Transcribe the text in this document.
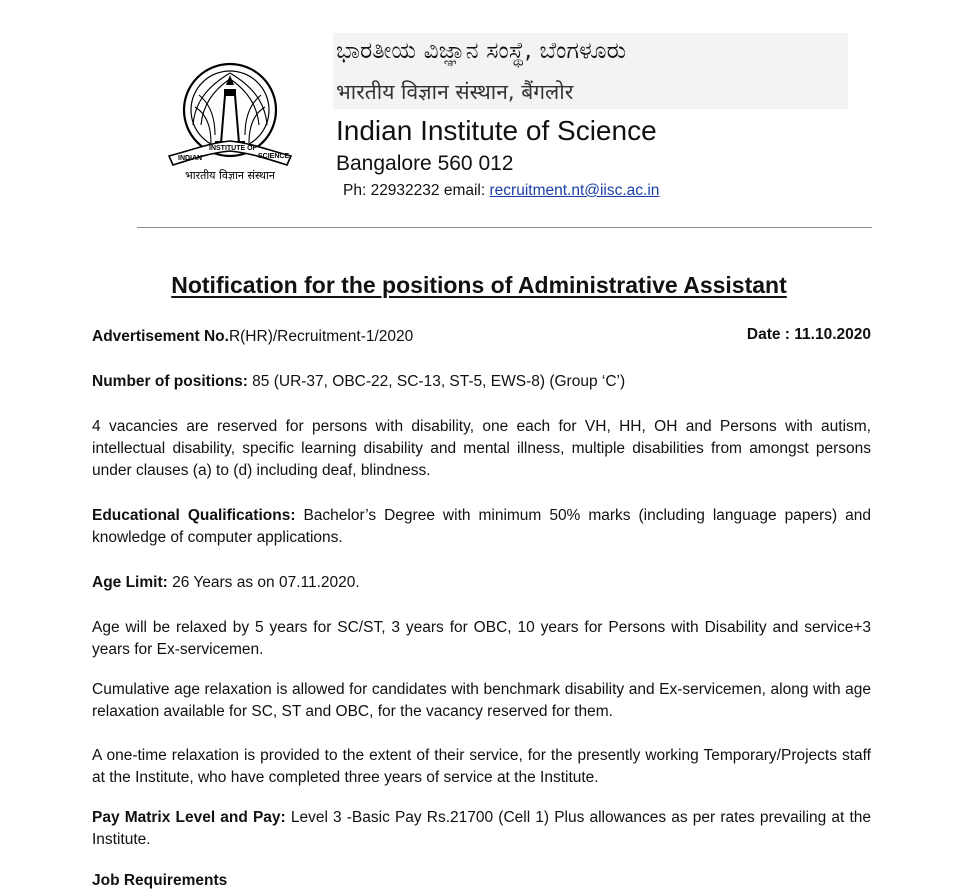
INDIAN
INSTITUTE OF
SCIENCE
भारतीय विज्ञान संस्थान
ಭಾರತೀಯ ವಿಜ್ಞಾನ ಸಂಸ್ಥೆ, ಬೆಂಗಳೂರು
भारतीय विज्ञान संस्थान, बैंगलोर
Indian Institute of Science
Bangalore 560 012
Ph: 22932232 email: recruitment.nt@iisc.ac.in
Notification for the positions of Administrative Assistant
Advertisement No.R(HR)/Recruitment-1/2020	Date : 11.10.2020
Number of positions: 85 (UR-37, OBC-22, SC-13, ST-5, EWS-8) (Group ‘C’)
4 vacancies are reserved for persons with disability, one each for VH, HH, OH and Persons with autism, intellectual disability, specific learning disability and mental illness, multiple disabilities from amongst persons under clauses (a) to (d) including deaf, blindness.
Educational Qualifications: Bachelor’s Degree with minimum 50% marks (including language papers) and knowledge of computer applications.
Age Limit: 26 Years as on 07.11.2020.
Age will be relaxed by 5 years for SC/ST, 3 years for OBC, 10 years for Persons with Disability and service+3 years for Ex-servicemen.
Cumulative age relaxation is allowed for candidates with benchmark disability and Ex-servicemen, along with age relaxation available for SC, ST and OBC, for the vacancy reserved for them.
A one-time relaxation is provided to the extent of their service, for the presently working Temporary/Projects staff at the Institute, who have completed three years of service at the Institute.
Pay Matrix Level and Pay: Level 3 -Basic Pay Rs.21700 (Cell 1) Plus allowances as per rates prevailing at the Institute.
Job Requirements
